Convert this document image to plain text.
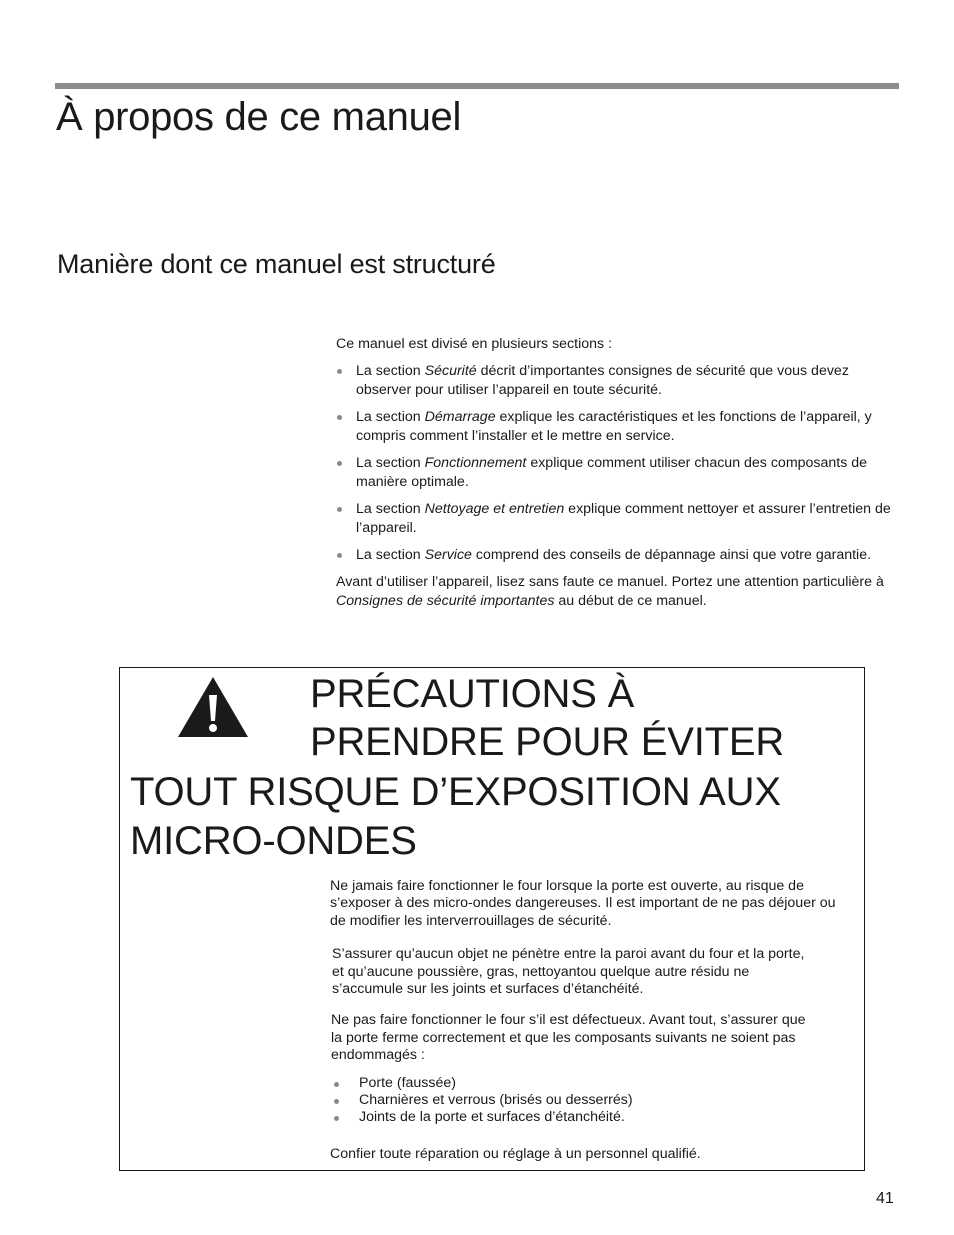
À propos de ce manuel
Manière dont ce manuel est structuré

Ce manuel est divisé en plusieurs sections :

La section Sécurité décrit d’importantes consignes de sécurité que vous devez observer pour utiliser l’appareil en toute sécurité.
La section Démarrage explique les caractéristiques et les fonctions de l’appareil, y compris comment l’installer et le mettre en service.
La section Fonctionnement explique comment utiliser chacun des composants de manière optimale.
La section Nettoyage et entretien explique comment nettoyer et assurer l’entretien de l’appareil.
La section Service comprend des conseils de dépannage ainsi que votre garantie.

Avant d’utiliser l’appareil, lisez sans faute ce manuel. Portez une attention particulière à Consignes de sécurité importantes au début de ce manuel.

PRÉCAUTIONS À
PRENDRE POUR ÉVITER
TOUT RISQUE D’EXPOSITION AUX
MICRO-ONDES

Ne jamais faire fonctionner le four lorsque la porte est ouverte, au risque de s’exposer à des micro-ondes dangereuses. Il est important de ne pas déjouer ou de modifier les interverrouillages de sécurité.

S’assurer qu’aucun objet ne pénètre entre la paroi avant du four et la porte, et qu’aucune poussière, gras, nettoyantou quelque autre résidu ne s’accumule sur les joints et surfaces d’étanchéité.

Ne pas faire fonctionner le four s’il est défectueux. Avant tout, s’assurer que la porte ferme correctement et que les composants suivants ne soient pas endommagés :

Porte (faussée)
Charnières et verrous (brisés ou desserrés)
Joints de la porte et surfaces d’étanchéité.

Confier toute réparation ou réglage à un personnel qualifié.

41
